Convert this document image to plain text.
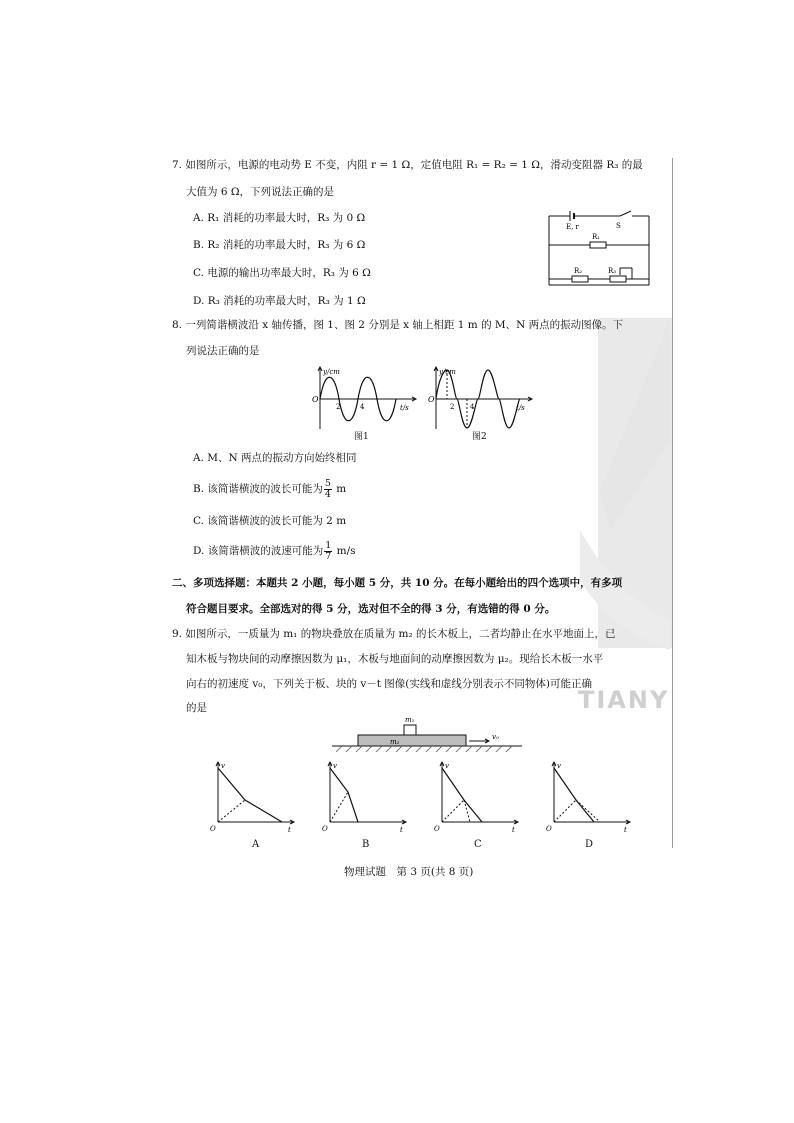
TIANY
7. 如图所示，电源的电动势 E 不变，内阻 r = 1 Ω，定值电阻 R₁ = R₂ = 1 Ω，滑动变阻器 R₃ 的最
大值为 6 Ω，下列说法正确的是
A. R₁ 消耗的功率最大时，R₃ 为 0 Ω
B. R₂ 消耗的功率最大时，R₃ 为 6 Ω
C. 电源的输出功率最大时，R₃ 为 6 Ω
D. R₃ 消耗的功率最大时，R₃ 为 1 Ω
E, r	S
R₁
R₂	R₃
8. 一列简谐横波沿 x 轴传播，图 1、图 2 分别是 x 轴上相距 1 m 的 M、N 两点的振动图像。下
列说法正确的是
y/cm
O
2	4	t/s
图1
y/cm
O
2 4	t/s
图2
A. M、N 两点的振动方向始终相同
B. 该简谐横波的波长可能为 $\frac{5}{4}$ m
C. 该简谐横波的波长可能为 2 m
D. 该简谐横波的波速可能为 $\frac{1}{7} m/s$
二、多项选择题：本题共 2 小题，每小题 5 分，共 10 分。在每小题给出的四个选项中，有多项
符合题目要求。全部选对的得 5 分，选对但不全的得 3 分，有选错的得 0 分。
9. 如图所示，一质量为 m₁ 的物块叠放在质量为 m₂ 的长木板上，二者均静止在水平地面上，已
知木板与物块间的动摩擦因数为 μ₁，木板与地面间的动摩擦因数为 μ₂。现给长木板一水平
向右的初速度 v₀，下列关于板、块的 v－t 图像(实线和虚线分别表示不同物体)可能正确
的是
m₁
m₂
v₀
v
O	t
A
v
O	t
B
v
O	t
C
v
O	t
D
物理试题　第 3 页(共 8 页)
